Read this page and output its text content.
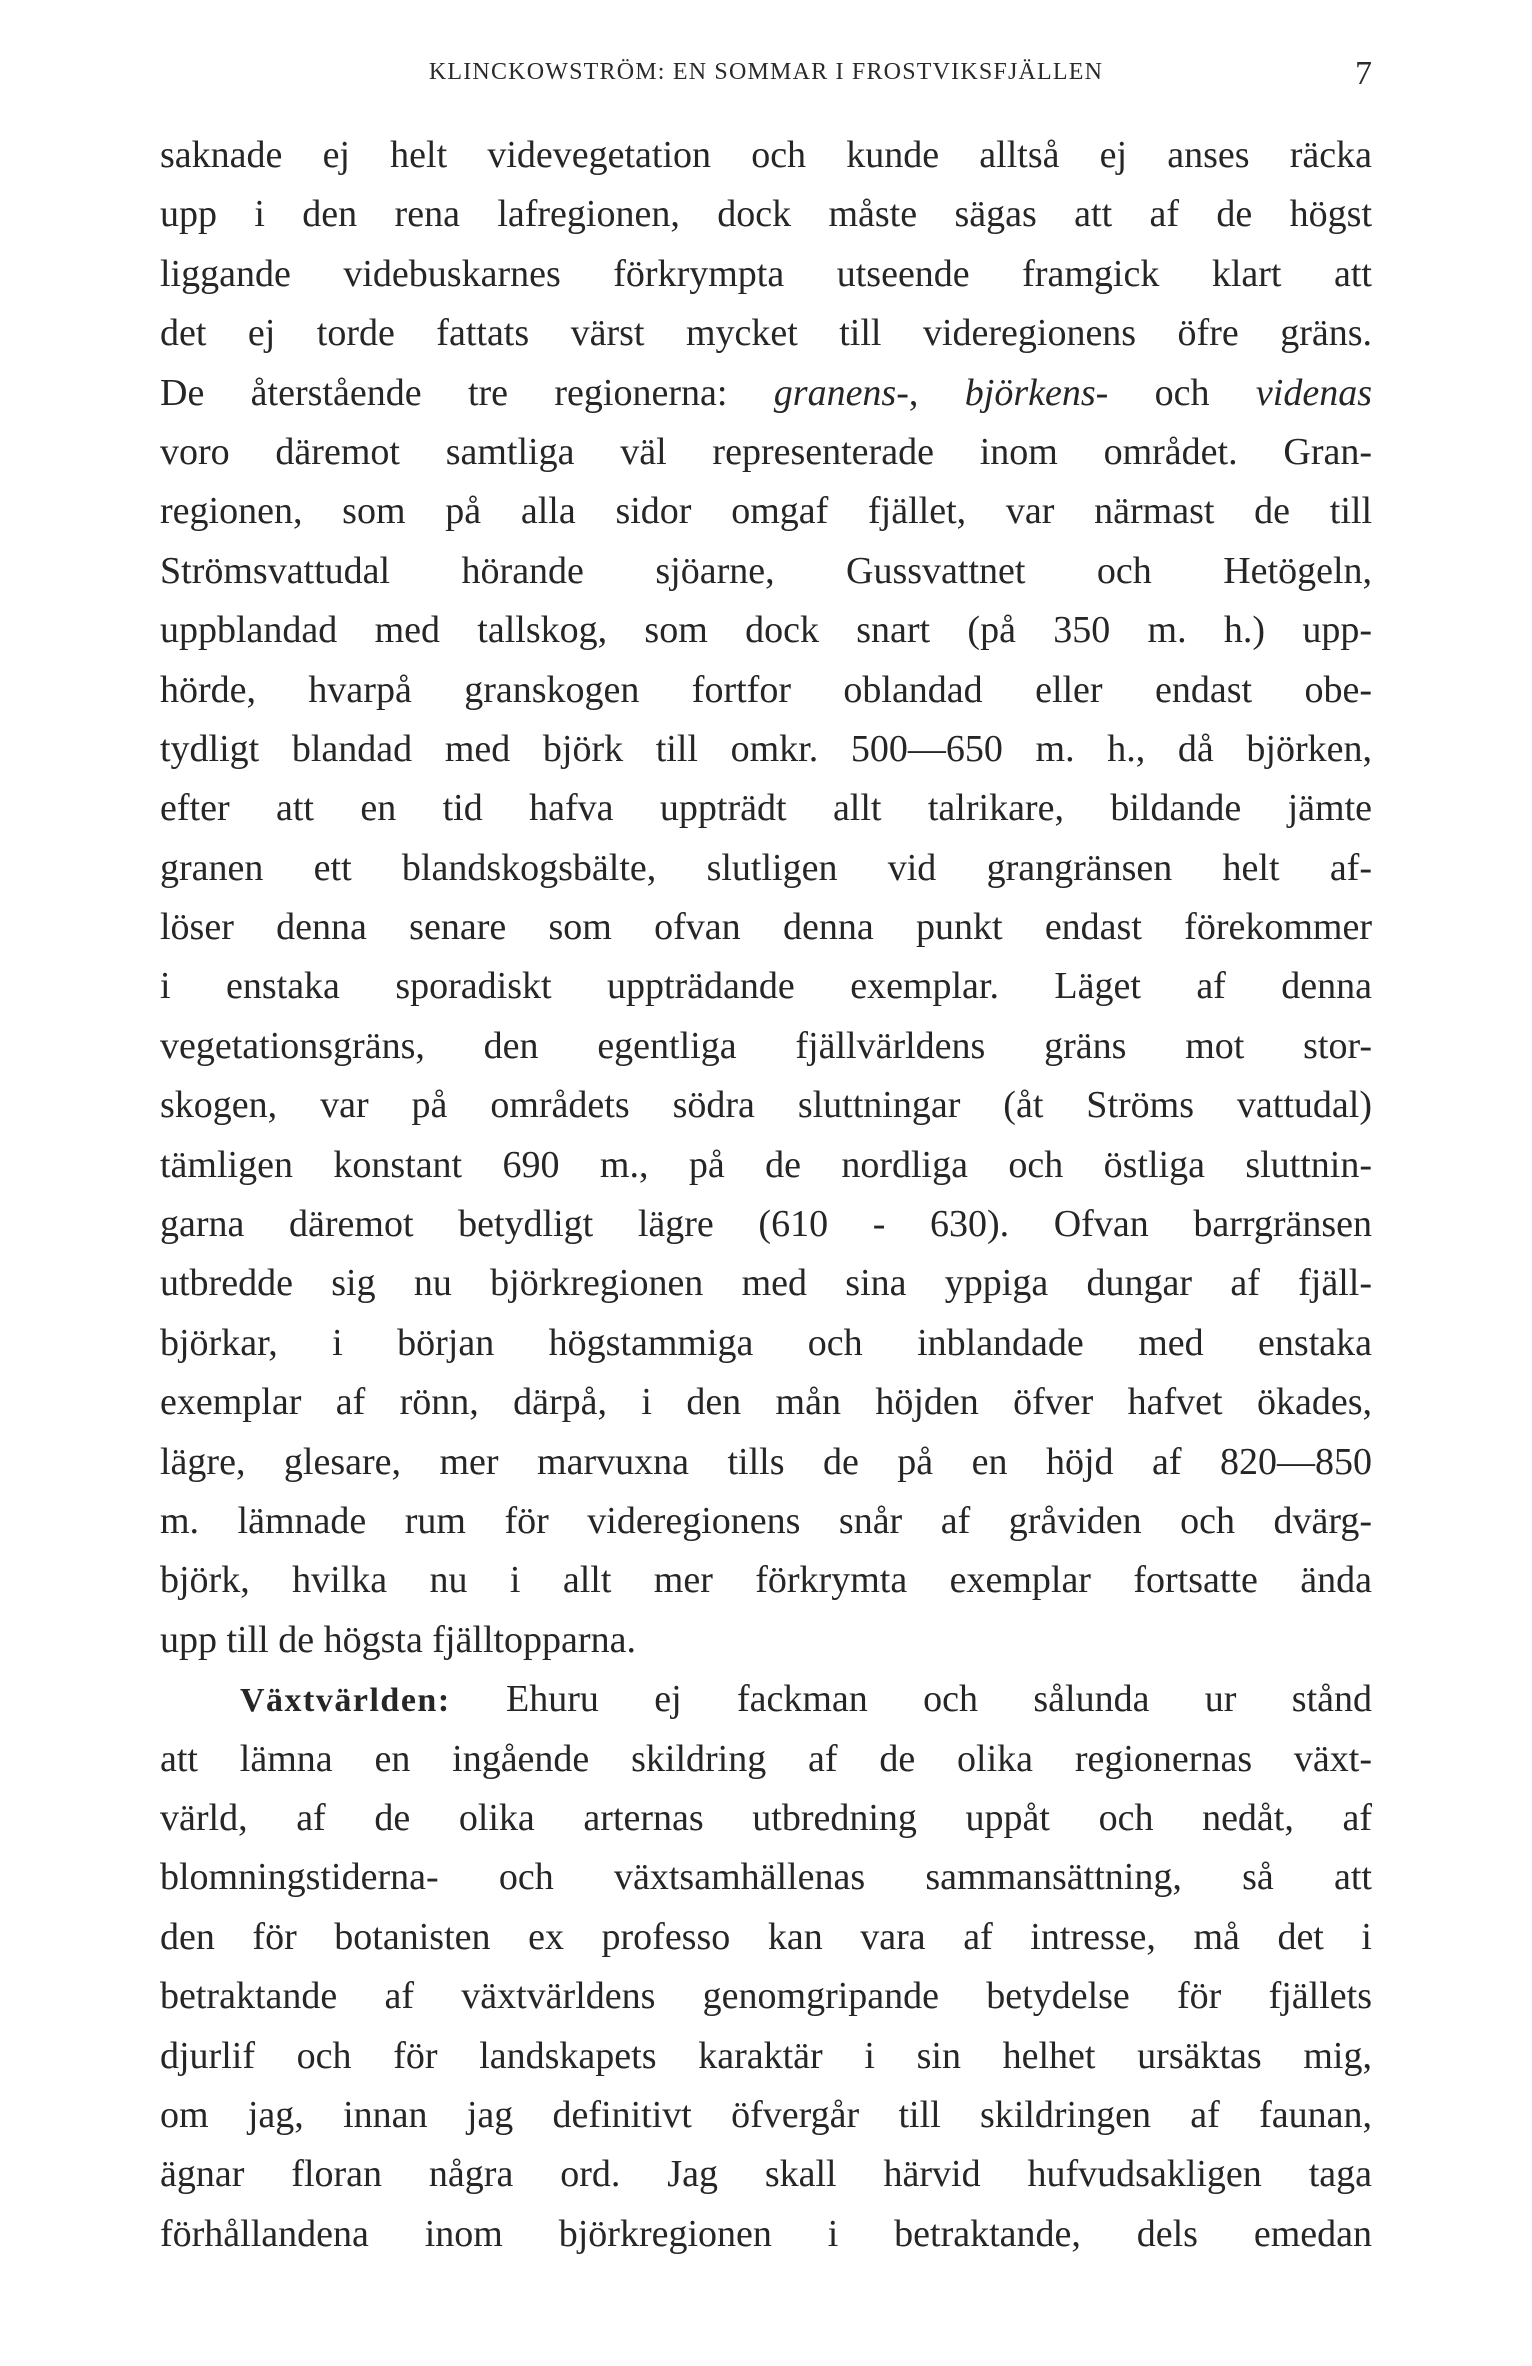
KLINCKOWSTRÖM: EN SOMMAR I FROSTVIKSFJÄLLEN	7
saknade ej helt videvegetation och kunde alltså ej anses räcka
upp i den rena lafregionen, dock måste sägas att af de högst
liggande videbuskarnes förkrympta utseende framgick klart att
det ej torde fattats värst mycket till videregionens öfre gräns.
De återstående tre regionerna: granens-, björkens- och videnas
voro däremot samtliga väl representerade inom området. Gran-
regionen, som på alla sidor omgaf fjället, var närmast de till
Strömsvattudal hörande sjöarne, Gussvattnet och Hetögeln,
uppblandad med tallskog, som dock snart (på 350 m. h.) upp-
hörde, hvarpå granskogen fortfor oblandad eller endast obe-
tydligt blandad med björk till omkr. 500—650 m. h., då björken,
efter att en tid hafva uppträdt allt talrikare, bildande jämte
granen ett blandskogsbälte, slutligen vid grangränsen helt af-
löser denna senare som ofvan denna punkt endast förekommer
i enstaka sporadiskt uppträdande exemplar. Läget af denna
vegetationsgräns, den egentliga fjällvärldens gräns mot stor-
skogen, var på områdets södra sluttningar (åt Ströms vattudal)
tämligen konstant 690 m., på de nordliga och östliga sluttnin-
garna däremot betydligt lägre (610 - 630). Ofvan barrgränsen
utbredde sig nu björkregionen med sina yppiga dungar af fjäll-
björkar, i början högstammiga och inblandade med enstaka
exemplar af rönn, därpå, i den mån höjden öfver hafvet ökades,
lägre, glesare, mer marvuxna tills de på en höjd af 820—850
m. lämnade rum för videregionens snår af gråviden och dvärg-
björk, hvilka nu i allt mer förkrymta exemplar fortsatte ända
upp till de högsta fjälltopparna.
Växtvärlden: Ehuru ej fackman och sålunda ur stånd
att lämna en ingående skildring af de olika regionernas växt-
värld, af de olika arternas utbredning uppåt och nedåt, af
blomningstiderna- och växtsamhällenas sammansättning, så att
den för botanisten ex professo kan vara af intresse, må det i
betraktande af växtvärldens genomgripande betydelse för fjällets
djurlif och för landskapets karaktär i sin helhet ursäktas mig,
om jag, innan jag definitivt öfvergår till skildringen af faunan,
ägnar floran några ord. Jag skall härvid hufvudsakligen taga
förhållandena inom björkregionen i betraktande, dels emedan
